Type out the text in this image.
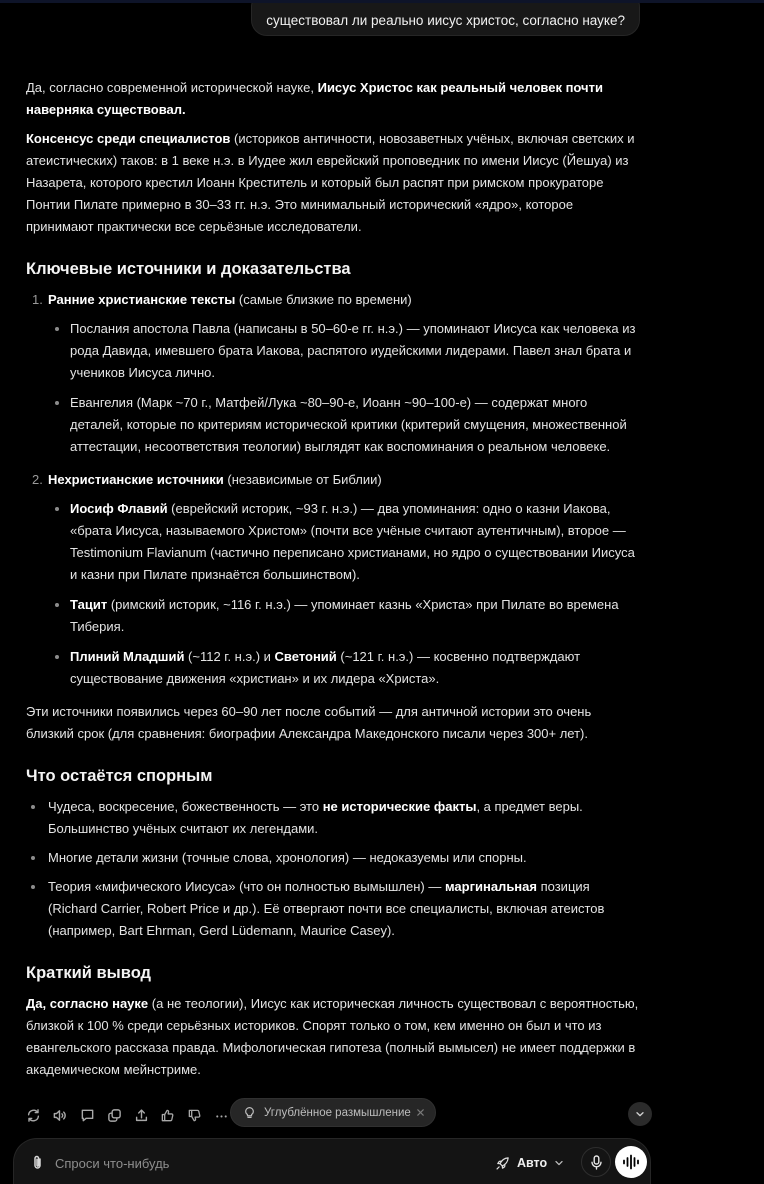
существовал ли реально иисус христос, согласно науке?

Да, согласно современной исторической науке, Иисус Христос как реальный человек почти наверняка существовал.

Консенсус среди специалистов (историков античности, новозаветных учёных, включая светских и атеистических) таков: в 1 веке н.э. в Иудее жил еврейский проповедник по имени Иисус (Йешуа) из Назарета, которого крестил Иоанн Креститель и который был распят при римском прокураторе Понтии Пилате примерно в 30–33 гг. н.э. Это минимальный исторический «ядро», которое принимают практически все серьёзные исследователи.

Ключевые источники и доказательства
1. Ранние христианские тексты (самые близкие по времени)
Послания апостола Павла (написаны в 50–60-е гг. н.э.) — упоминают Иисуса как человека из рода Давида, имевшего брата Иакова, распятого иудейскими лидерами. Павел знал брата и учеников Иисуса лично.
Евангелия (Марк ~70 г., Матфей/Лука ~80–90-е, Иоанн ~90–100-е) — содержат много деталей, которые по критериям исторической критики (критерий смущения, множественной аттестации, несоответствия теологии) выглядят как воспоминания о реальном человеке.
2. Нехристианские источники (независимые от Библии)
Иосиф Флавий (еврейский историк, ~93 г. н.э.) — два упоминания: одно о казни Иакова, «брата Иисуса, называемого Христом» (почти все учёные считают аутентичным), второе — Testimonium Flavianum (частично переписано христианами, но ядро о существовании Иисуса и казни при Пилате признаётся большинством).
Тацит (римский историк, ~116 г. н.э.) — упоминает казнь «Христа» при Пилате во времена Тиберия.
Плиний Младший (~112 г. н.э.) и Светоний (~121 г. н.э.) — косвенно подтверждают существование движения «христиан» и их лидера «Христа».

Эти источники появились через 60–90 лет после событий — для античной истории это очень близкий срок (для сравнения: биографии Александра Македонского писали через 300+ лет).

Что остаётся спорным
Чудеса, воскресение, божественность — это не исторические факты, а предмет веры. Большинство учёных считают их легендами.
Многие детали жизни (точные слова, хронология) — недоказуемы или спорны.
Теория «мифического Иисуса» (что он полностью вымышлен) — маргинальная позиция (Richard Carrier, Robert Price и др.). Её отвергают почти все специалисты, включая атеистов (например, Bart Ehrman, Gerd Lüdemann, Maurice Casey).
Краткий вывод

Да, согласно науке (а не теологии), Иисус как историческая личность существовал с вероятностью, близкой к 100 % среди серьёзных историков. Спорят только о том, кем именно он был и что из евангельского рассказа правда. Мифологическая гипотеза (полный вымысел) не имеет поддержки в академическом мейнстриме.

Углублённое размышление
Спроси что-нибудь
Авто
